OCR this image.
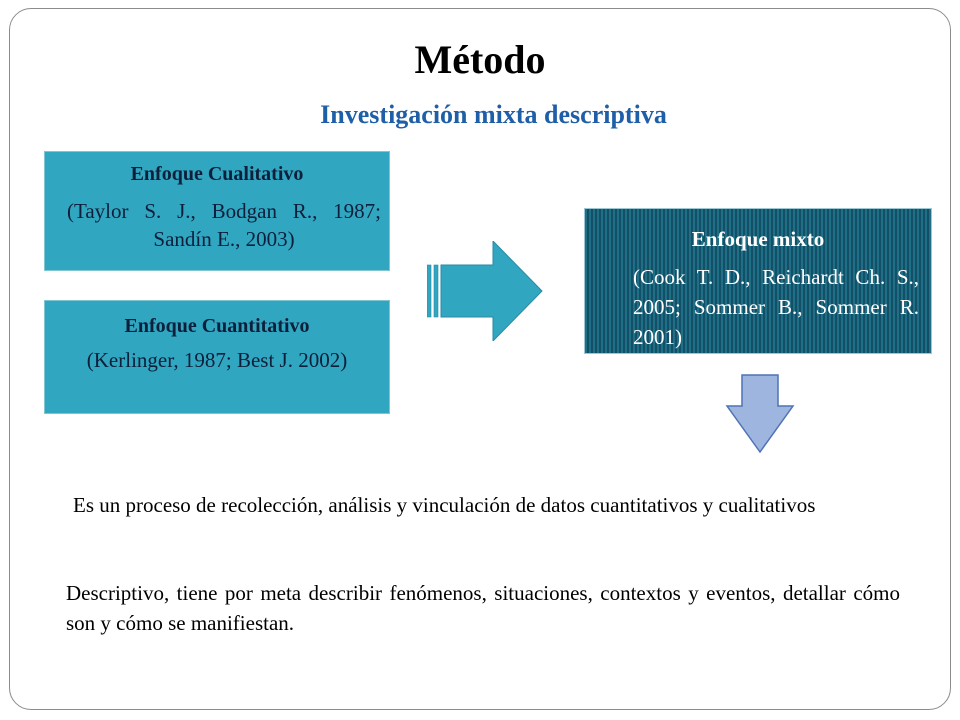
Método
Investigación mixta descriptiva
Enfoque Cualitativo
(Taylor S. J., Bodgan R., 1987; Sandín E., 2003)
Enfoque Cuantitativo
(Kerlinger, 1987; Best J. 2002)
Enfoque mixto
(Cook T. D., Reichardt Ch. S., 2005; Sommer B., Sommer R. 2001)
Es un proceso de recolección, análisis y vinculación de datos cuantitativos y cualitativos
Descriptivo, tiene por meta describir fenómenos, situaciones, contextos y eventos, detallar cómo son y cómo se manifiestan.
